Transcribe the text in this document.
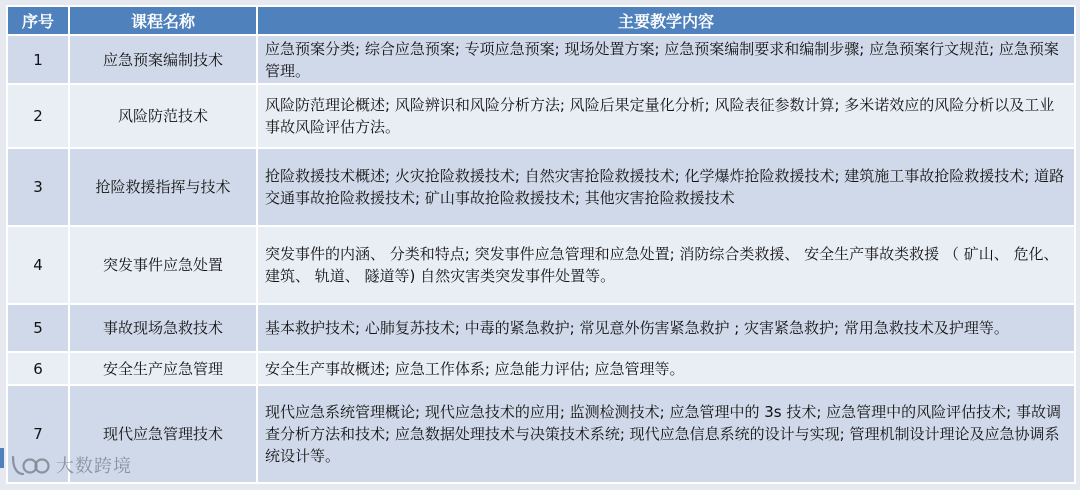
序号	课程名称	主要教学内容
1	应急预案编制技术	应急预案分类; 综合应急预案; 专项应急预案; 现场处置方案; 应急预案编制要求和编制步骤; 应急预案行文规范; 应急预案管理。
2	风险防范技术	风险防范理论概述; 风险辨识和风险分析方法; 风险后果定量化分析; 风险表征参数计算; 多米诺效应的风险分析以及工业事故风险评估方法。
3	抢险救援指挥与技术	抢险救援技术概述; 火灾抢险救援技术; 自然灾害抢险救援技术; 化学爆炸抢险救援技术; 建筑施工事故抢险救援技术; 道路交通事故抢险救援技术; 矿山事故抢险救援技术; 其他灾害抢险救援技术
4	突发事件应急处置	突发事件的内涵、 分类和特点; 突发事件应急管理和应急处置; 消防综合类救援、 安全生产事故类救援 （ 矿山、 危化、 建筑、 轨道、 隧道等) 自然灾害类突发事件处置等。
5	事故现场急救技术	基本救护技术; 心肺复苏技术; 中毒的紧急救护; 常见意外伤害紧急救护 ; 灾害紧急救护; 常用急救技术及护理等。
6	安全生产应急管理	安全生产事故概述; 应急工作体系; 应急能力评估; 应急管理等。
7	现代应急管理技术	现代应急系统管理概论; 现代应急技术的应用; 监测检测技术; 应急管理中的 3s 技术; 应急管理中的风险评估技术; 事故调查分析方法和技术; 应急数据处理技术与决策技术系统; 现代应急信息系统的设计与实现; 管理机制设计理论及应急协调系统设计等。
大数跨境
